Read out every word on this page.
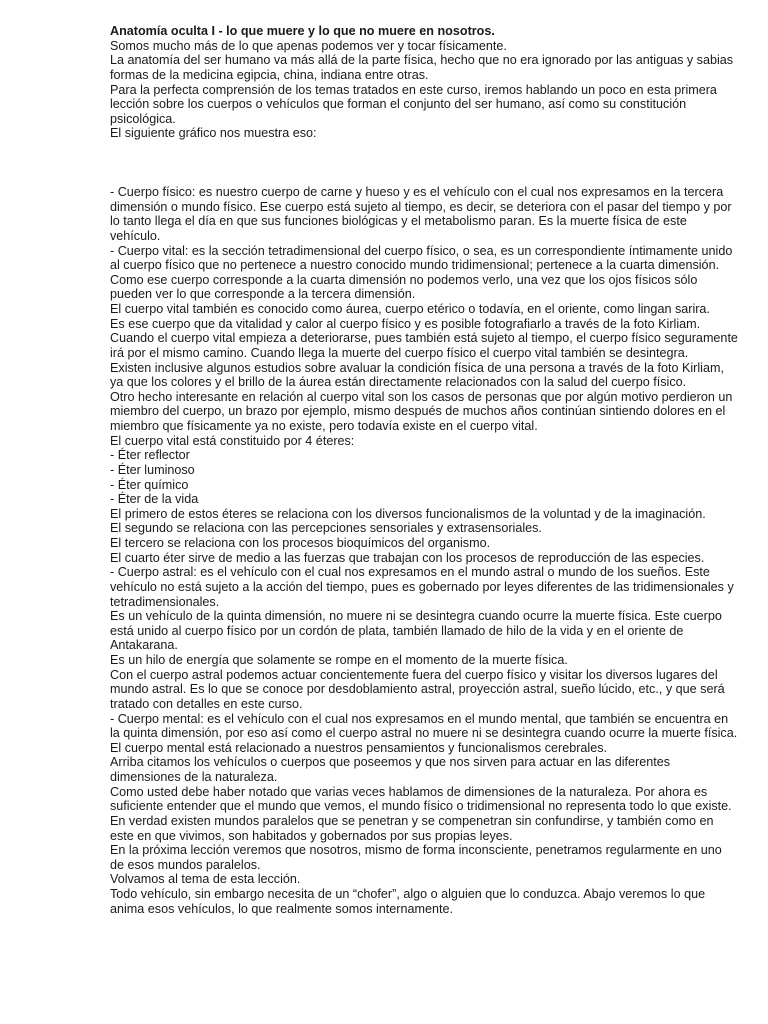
Anatomía oculta I - lo que muere y lo que no muere en nosotros.

Somos mucho más de lo que apenas podemos ver y tocar físicamente.

La anatomía del ser humano va más allá de la parte física, hecho que no era ignorado por las antiguas y sabias formas de la medicina egipcia, china, indiana entre otras.

Para la perfecta comprensión de los temas tratados en este curso, iremos hablando un poco en esta primera lección sobre los cuerpos o vehículos que forman el conjunto del ser humano, así como su constitución psicológica.

El siguiente gráfico nos muestra eso:

- Cuerpo físico: es nuestro cuerpo de carne y hueso y es el vehículo con el cual nos expresamos en la tercera dimensión o mundo físico. Ese cuerpo está sujeto al tiempo, es decir, se deteriora con el pasar del tiempo y por lo tanto llega el día en que sus funciones biológicas y el metabolismo paran. Es la muerte física de este vehículo.

- Cuerpo vital: es la sección tetradimensional del cuerpo físico, o sea, es un correspondiente íntimamente unido al cuerpo físico que no pertenece a nuestro conocido mundo tridimensional; pertenece a la cuarta dimensión.

Como ese cuerpo corresponde a la cuarta dimensión no podemos verlo, una vez que los ojos físicos sólo pueden ver lo que corresponde a la tercera dimensión.

El cuerpo vital también es conocido como áurea, cuerpo etérico o todavía, en el oriente, como lingan sarira.

Es ese cuerpo que da vitalidad y calor al cuerpo físico y es posible fotografiarlo a través de la foto Kirliam.

Cuando el cuerpo vital empieza a deteriorarse, pues también está sujeto al tiempo, el cuerpo físico seguramente irá por el mismo camino. Cuando llega la muerte del cuerpo físico el cuerpo vital también se desintegra.

Existen inclusive algunos estudios sobre avaluar la condición física de una persona a través de la foto Kirliam, ya que los colores y el brillo de la áurea están directamente relacionados con la salud del cuerpo físico.

Otro hecho interesante en relación al cuerpo vital son los casos de personas que por algún motivo perdieron un miembro del cuerpo, un brazo por ejemplo, mismo después de muchos años continúan sintiendo dolores en el miembro que físicamente ya no existe, pero todavía existe en el cuerpo vital.

El cuerpo vital está constituido por 4 éteres:

- Éter reflector

- Éter luminoso

- Éter químico

- Éter de la vida

El primero de estos éteres se relaciona con los diversos funcionalismos de la voluntad y de la imaginación.

El segundo se relaciona con las percepciones sensoriales y extrasensoriales.

El tercero se relaciona con los procesos bioquímicos del organismo.

El cuarto éter sirve de medio a las fuerzas que trabajan con los procesos de reproducción de las especies.

- Cuerpo astral: es el vehículo con el cual nos expresamos en el mundo astral o mundo de los sueños. Este vehículo no está sujeto a la acción del tiempo, pues es gobernado por leyes diferentes de las tridimensionales y tetradimensionales.

Es un vehículo de la quinta dimensión, no muere ni se desintegra cuando ocurre la muerte física. Este cuerpo está unido al cuerpo físico por un cordón de plata, también llamado de hilo de la vida y en el oriente de Antakarana.

Es un hilo de energía que solamente se rompe en el momento de la muerte física.

Con el cuerpo astral podemos actuar concientemente fuera del cuerpo físico y visitar los diversos lugares del mundo astral. Es lo que se conoce por desdoblamiento astral, proyección astral, sueño lúcido, etc., y que será tratado con detalles en este curso.

- Cuerpo mental: es el vehículo con el cual nos expresamos en el mundo mental, que también se encuentra en la quinta dimensión, por eso así como el cuerpo astral no muere ni se desintegra cuando ocurre la muerte física.

El cuerpo mental está relacionado a nuestros pensamientos y funcionalismos cerebrales.

Arriba citamos los vehículos o cuerpos que poseemos y que nos sirven para actuar en las diferentes dimensiones de la naturaleza.

Como usted debe haber notado que varias veces hablamos de dimensiones de la naturaleza. Por ahora es suficiente entender que el mundo que vemos, el mundo físico o tridimensional no representa todo lo que existe.

En verdad existen mundos paralelos que se penetran y se compenetran sin confundirse, y también como en este en que vivimos, son habitados y gobernados por sus propias leyes.

En la próxima lección veremos que nosotros, mismo de forma inconsciente, penetramos regularmente en uno de esos mundos paralelos.

Volvamos al tema de esta lección.

Todo vehículo, sin embargo necesita de un “chofer”, algo o alguien que lo conduzca. Abajo veremos lo que anima esos vehículos, lo que realmente somos internamente.
